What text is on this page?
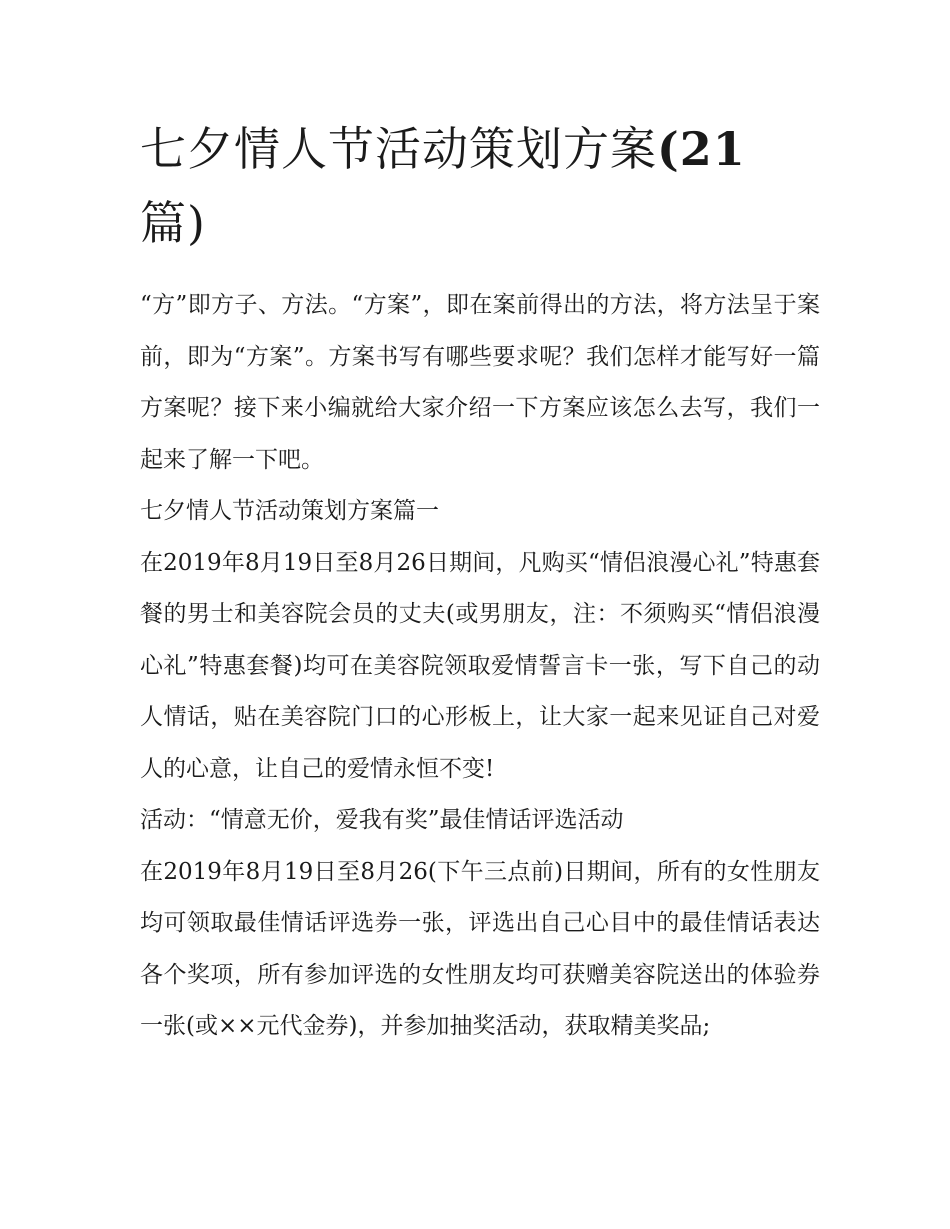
七夕情人节活动策划方案(21
篇)

“方”即方子、方法。“方案”，即在案前得出的方法，将方法呈于案前，即为“方案”。方案书写有哪些要求呢？我们怎样才能写好一篇方案呢？接下来小编就给大家介绍一下方案应该怎么去写，我们一起来了解一下吧。

七夕情人节活动策划方案篇一

在2019年8月19日至8月26日期间，凡购买“情侣浪漫心礼”特惠套餐的男士和美容院会员的丈夫(或男朋友，注：不须购买“情侣浪漫心礼”特惠套餐)均可在美容院领取爱情誓言卡一张，写下自己的动人情话，贴在美容院门口的心形板上，让大家一起来见证自己对爱人的心意，让自己的爱情永恒不变!

活动：“情意无价，爱我有奖”最佳情话评选活动

在2019年8月19日至8月26(下午三点前)日期间，所有的女性朋友均可领取最佳情话评选券一张，评选出自己心目中的最佳情话表达各个奖项，所有参加评选的女性朋友均可获赠美容院送出的体验券一张(或××元代金券)，并参加抽奖活动，获取精美奖品;
